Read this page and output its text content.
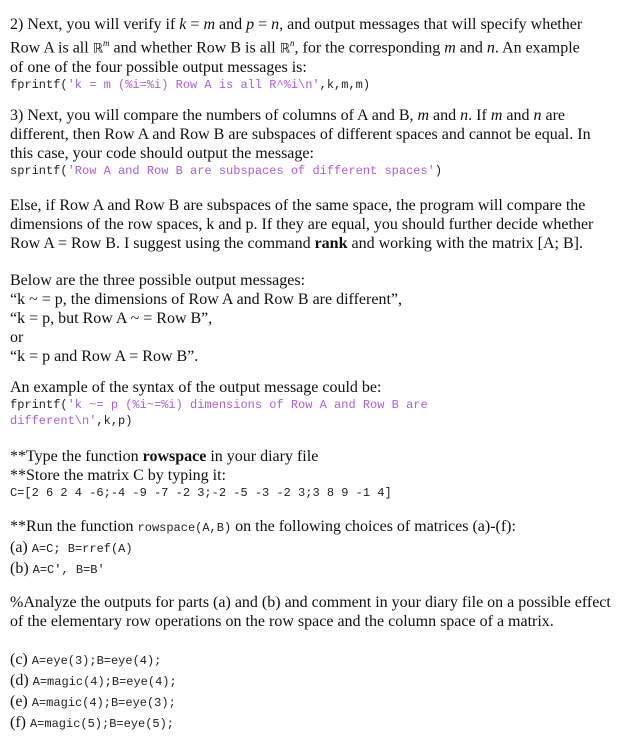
2) Next, you will verify if k = m and p = n, and output messages that will specify whether
Row A is all ℝ$^m$ and whether Row B is all ℝ$^n$, for the corresponding m and n. An example
of one of the four possible output messages is:
fprintf('k = m (%i=%i) Row A is all R^%i\n',k,m,m)
3) Next, you will compare the numbers of columns of A and B, m and n. If m and n are
different, then Row A and Row B are subspaces of different spaces and cannot be equal. In
this case, your code should output the message:
sprintf('Row A and Row B are subspaces of different spaces')
Else, if Row A and Row B are subspaces of the same space, the program will compare the
dimensions of the row spaces, k and p. If they are equal, you should further decide whether
Row A = Row B. I suggest using the command rank and working with the matrix [A; B].
Below are the three possible output messages:
“k ~ = p, the dimensions of Row A and Row B are different”,
“k = p, but Row A ~ = Row B”,
or
“k = p and Row A = Row B”.
An example of the syntax of the output message could be:
fprintf('k ~= p (%i~=%i) dimensions of Row A and Row B are
different\n',k,p)
**Type the function rowspace in your diary file
**Store the matrix C by typing it:
C=[2 6 2 4 -6;-4 -9 -7 -2 3;-2 -5 -3 -2 3;3 8 9 -1 4]
**Run the function rowspace(A,B) on the following choices of matrices (a)-(f):
(a) A=C; B=rref(A)
(b) A=C', B=B'
%Analyze the outputs for parts (a) and (b) and comment in your diary file on a possible effect
of the elementary row operations on the row space and the column space of a matrix.
(c) A=eye(3);B=eye(4);
(d) A=magic(4);B=eye(4);
(e) A=magic(4);B=eye(3);
(f) A=magic(5);B=eye(5);
